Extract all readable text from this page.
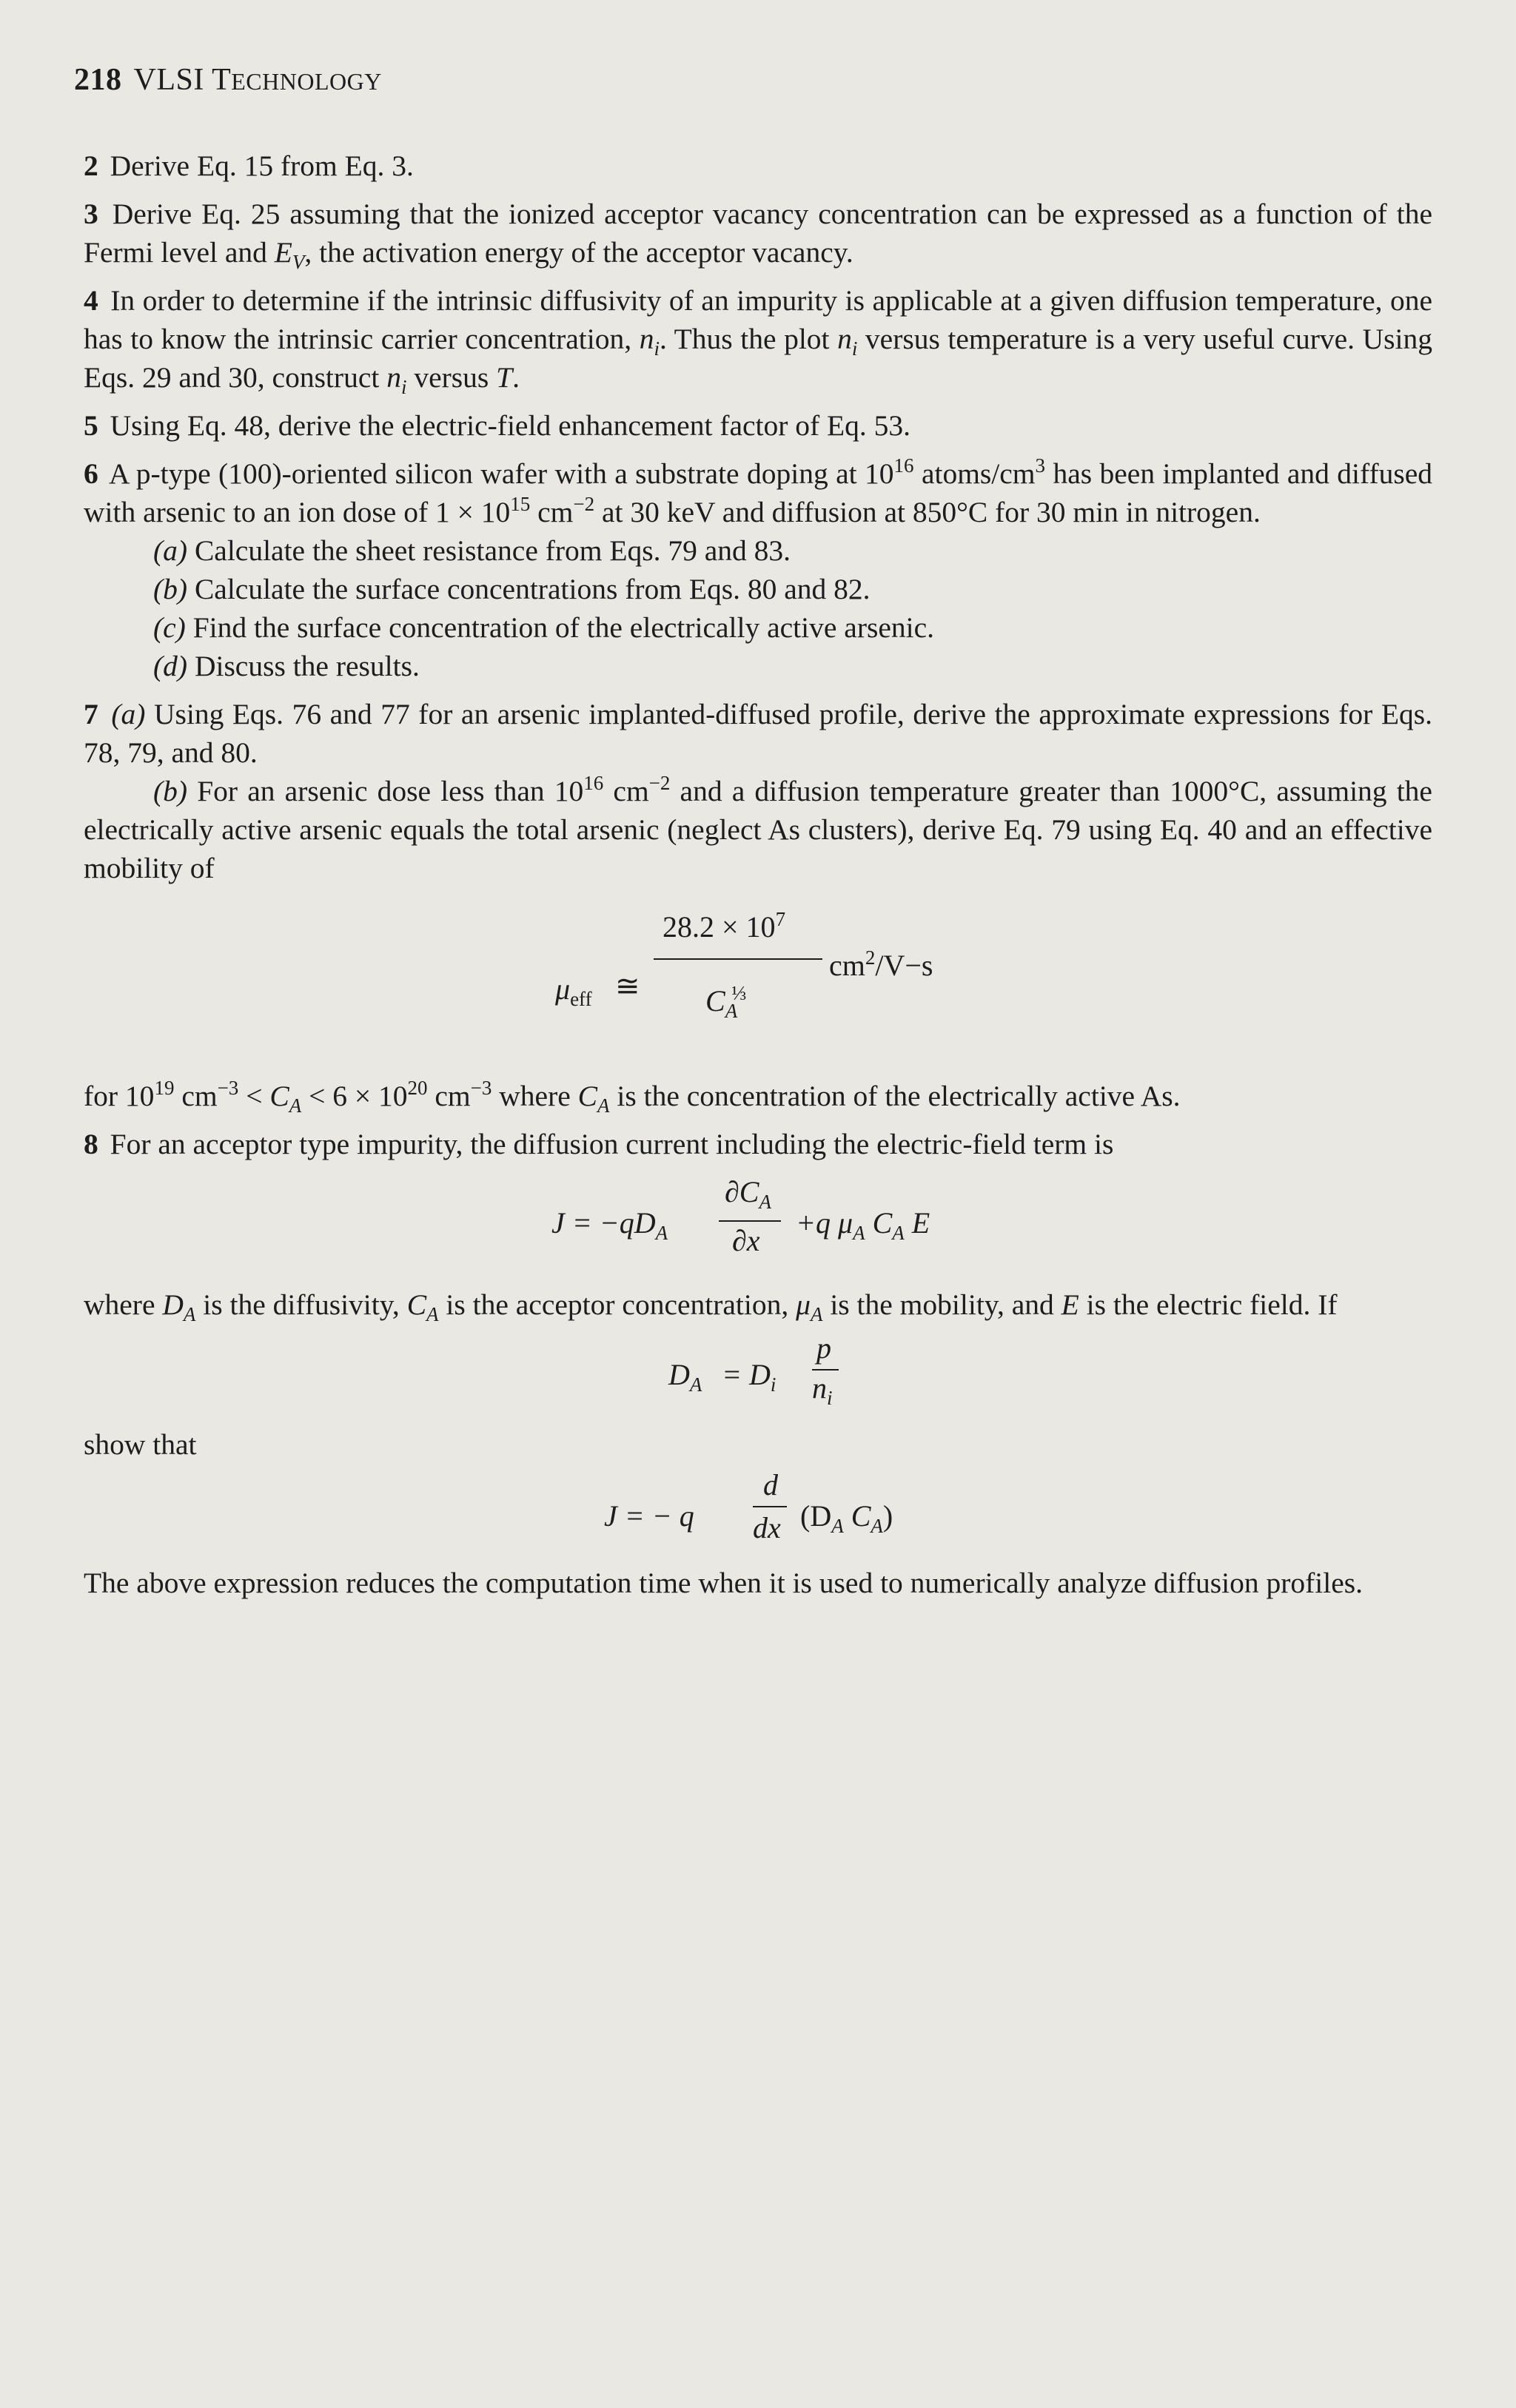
218 VLSI TECHNOLOGY

2 Derive Eq. 15 from Eq. 3.

3 Derive Eq. 25 assuming that the ionized acceptor vacancy concentration can be expressed as a function of the Fermi level and $E_V$, the activation energy of the acceptor vacancy.

4 In order to determine if the intrinsic diffusivity of an impurity is applicable at a given diffusion temperature, one has to know the intrinsic carrier concentration, $n_i$. Thus the plot $n_i$ versus temperature is a very useful curve. Using Eqs. 29 and 30, construct $n_i$ versus T.

5 Using Eq. 48, derive the electric-field enhancement factor of Eq. 53.

6 A p-type (100)-oriented silicon wafer with a substrate doping at $10^{16}$ atoms/$cm^3$ has been implanted and diffused with arsenic to an ion dose of $1 \times 10^{15}$ $cm^{-2}$ at 30 keV and diffusion at 850°C for 30 min in nitrogen.

(a) Calculate the sheet resistance from Eqs. 79 and 83.

(b) Calculate the surface concentrations from Eqs. 80 and 82.

(c) Find the surface concentration of the electrically active arsenic.

(d) Discuss the results.

7 (a) Using Eqs. 76 and 77 for an arsenic implanted-diffused profile, derive the approximate expressions for Eqs. 78, 79, and 80.

(b) For an arsenic dose less than $10^{16}$ $cm^{-2}$ and a diffusion temperature greater than 1000°C, assuming the electrically active arsenic equals the total arsenic (neglect As clusters), derive Eq. 79 using Eq. 40 and an effective mobility of

$\mu_{eff}$ ≅
$28.2 \times 10^7$
$C_A^{\frac{1}{3}}$
$cm^2/V-s$

for $10^{19}$ $cm^{-3} < C_A < 6 \times 10^{20}$ $cm^{-3}$ where $C_A$ is the concentration of the electrically active As.

8 For an acceptor type impurity, the diffusion current including the electric-field term is

$J = -qD_A$
$\partial C_A$
∂x
+q $\mu_A$ $C_A$ E

where $D_A$ is the diffusivity, $C_A$ is the acceptor concentration, $\mu_A$ is the mobility, and E is the electric field. If

$D_A = D_i$
p
$n_i$

show that

J = − q
d
dx ($D_A$ $C_A$)

The above expression reduces the computation time when it is used to numerically analyze diffusion profiles.
